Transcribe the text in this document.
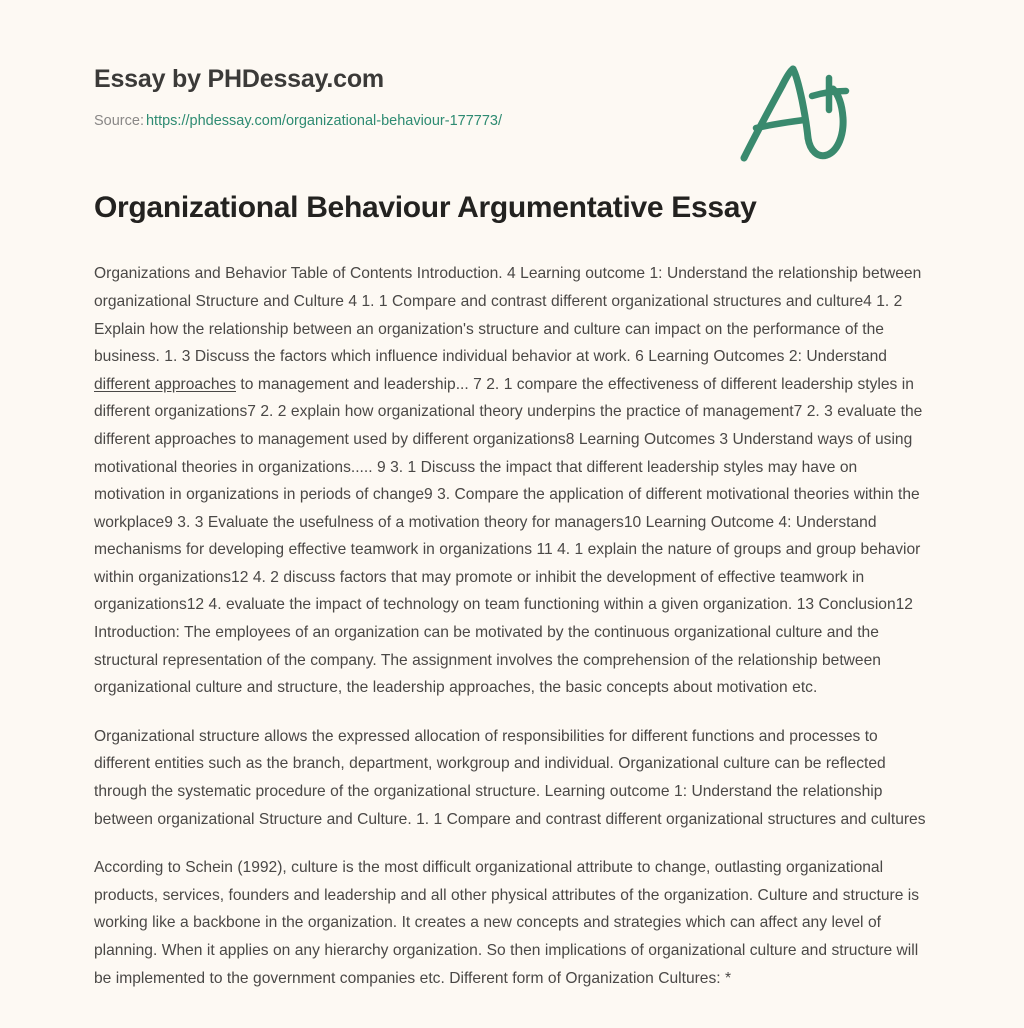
Essay by PHDessay.com
Source: https://phdessay.com/organizational-behaviour-177773/
Organizational Behaviour Argumentative Essay

Organizations and Behavior Table of Contents Introduction. 4 Learning outcome 1: Understand the relationship between organizational Structure and Culture 4 1. 1 Compare and contrast different organizational structures and culture4 1. 2 Explain how the relationship between an organization's structure and culture can impact on the performance of the business. 1. 3 Discuss the factors which influence individual behavior at work. 6 Learning Outcomes 2: Understand different approaches to management and leadership... 7 2. 1 compare the effectiveness of different leadership styles in different organizations7 2. 2 explain how organizational theory underpins the practice of management7 2. 3 evaluate the different approaches to management used by different organizations8 Learning Outcomes 3 Understand ways of using motivational theories in organizations..... 9 3. 1 Discuss the impact that different leadership styles may have on motivation in organizations in periods of change9 3. Compare the application of different motivational theories within the workplace9 3. 3 Evaluate the usefulness of a motivation theory for managers10 Learning Outcome 4: Understand mechanisms for developing effective teamwork in organizations 11 4. 1 explain the nature of groups and group behavior within organizations12 4. 2 discuss factors that may promote or inhibit the development of effective teamwork in organizations12 4. evaluate the impact of technology on team functioning within a given organization. 13 Conclusion12 Introduction: The employees of an organization can be motivated by the continuous organizational culture and the structural representation of the company. The assignment involves the comprehension of the relationship between organizational culture and structure, the leadership approaches, the basic concepts about motivation etc.

Organizational structure allows the expressed allocation of responsibilities for different functions and processes to different entities such as the branch, department, workgroup and individual. Organizational culture can be reflected through the systematic procedure of the organizational structure. Learning outcome 1: Understand the relationship between organizational Structure and Culture. 1. 1 Compare and contrast different organizational structures and cultures

According to Schein (1992), culture is the most difficult organizational attribute to change, outlasting organizational products, services, founders and leadership and all other physical attributes of the organization. Culture and structure is working like a backbone in the organization. It creates a new concepts and strategies which can affect any level of planning. When it applies on any hierarchy organization. So then implications of organizational culture and structure will be implemented to the government companies etc. Different form of Organization Cultures: *
